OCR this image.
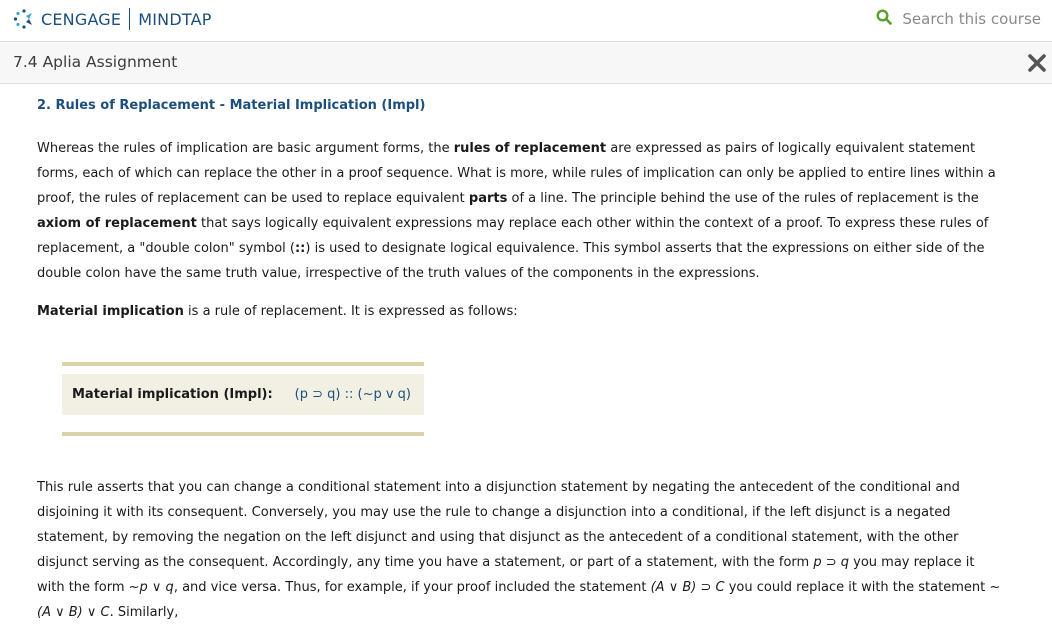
CENGAGE MINDTAP	Search this course
7.4 Aplia Assignment
2. Rules of Replacement - Material Implication (Impl)

Whereas the rules of implication are basic argument forms, the rules of replacement are expressed as pairs of logically equivalent statement forms, each of which can replace the other in a proof sequence. What is more, while rules of implication can only be applied to entire lines within a proof, the rules of replacement can be used to replace equivalent parts of a line. The principle behind the use of the rules of replacement is the axiom of replacement that says logically equivalent expressions may replace each other within the context of a proof. To express these rules of replacement, a "double colon" symbol (::) is used to designate logical equivalence. This symbol asserts that the expressions on either side of the double colon have the same truth value, irrespective of the truth values of the components in the expressions.

Material implication is a rule of replacement. It is expressed as follows:

Material implication (Impl): (p ⊃ q) :: (~p v q)

This rule asserts that you can change a conditional statement into a disjunction statement by negating the antecedent of the conditional and disjoining it with its consequent. Conversely, you may use the rule to change a disjunction into a conditional, if the left disjunct is a negated statement, by removing the negation on the left disjunct and using that disjunct as the antecedent of a conditional statement, with the other disjunct serving as the consequent. Accordingly, any time you have a statement, or part of a statement, with the form p ⊃ q you may replace it with the form ~p ∨ q, and vice versa. Thus, for example, if your proof included the statement (A ∨ B) ⊃ C you could replace it with the statement ~(A ∨ B) ∨ C. Similarly,
